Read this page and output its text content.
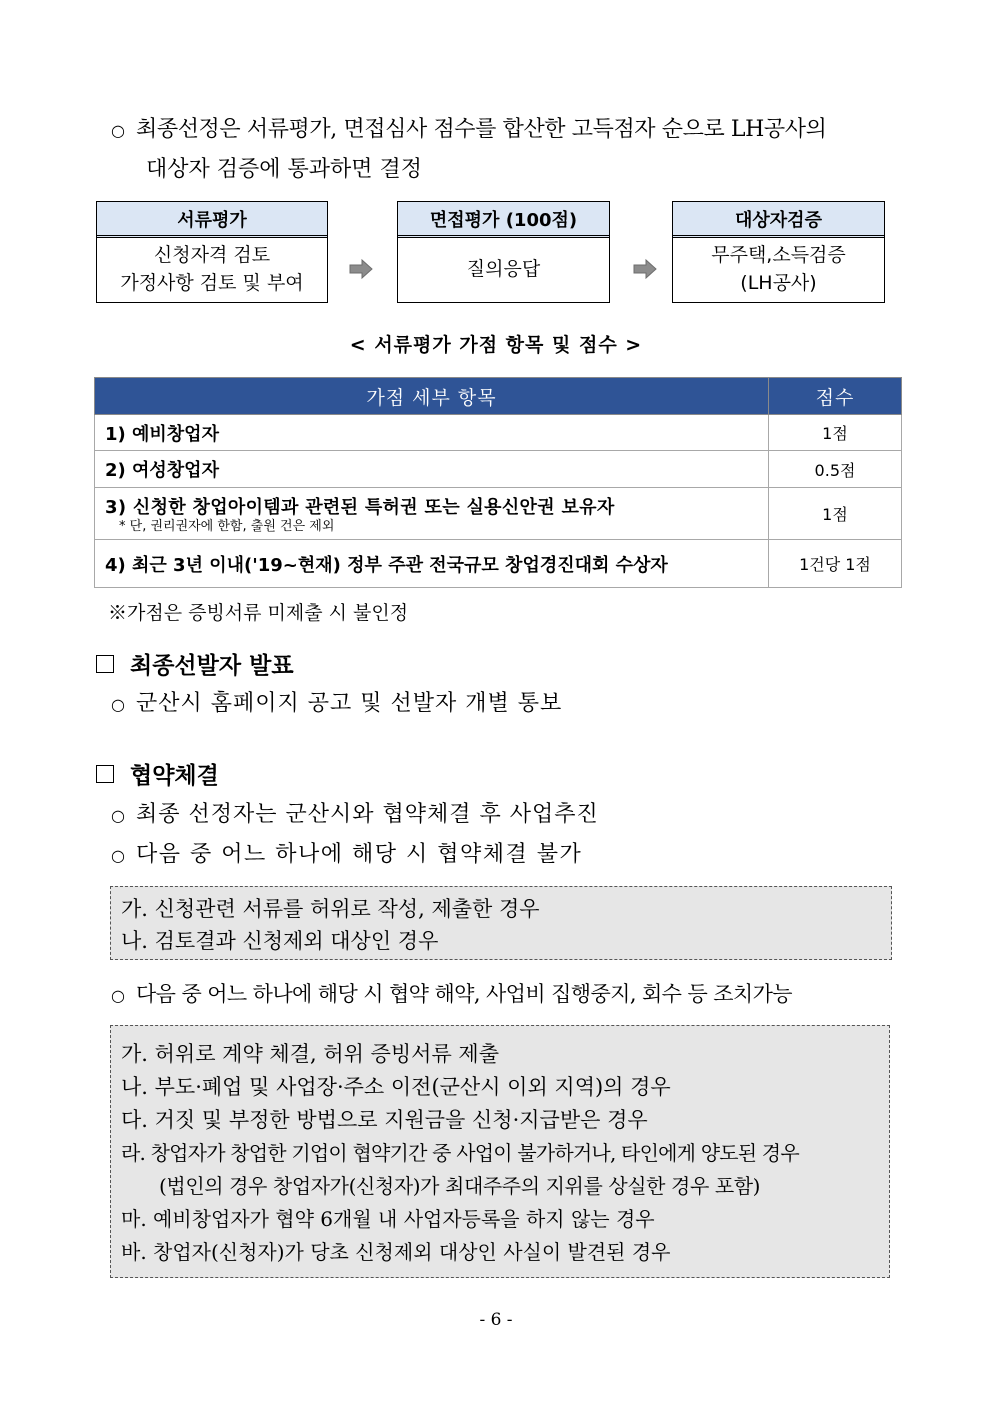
○ 최종선정은 서류평가, 면접심사 점수를 합산한 고득점자 순으로 LH공사의
대상자 검증에 통과하면 결정
서류평가
신청자격 검토
가정사항 검토 및 부여
면접평가 (100점)
질의응답
대상자검증
무주택,소득검증
(LH공사)
< 서류평가 가점 항목 및 점수 >
가점 세부 항목	점수
1) 예비창업자	1점
2) 여성창업자	0.5점
3) 신청한 창업아이템과 관련된 특허권 또는 실용신안권 보유자
* 단, 권리권자에 한함, 출원 건은 제외	1점
4) 최근 3년 이내('19~현재) 정부 주관 전국규모 창업경진대회 수상자	1건당 1점
※가점은 증빙서류 미제출 시 불인정
최종선발자 발표
○ 군산시 홈페이지 공고 및 선발자 개별 통보
협약체결
○ 최종 선정자는 군산시와 협약체결 후 사업추진
○ 다음 중 어느 하나에 해당 시 협약체결 불가
가. 신청관련 서류를 허위로 작성, 제출한 경우
나. 검토결과 신청제외 대상인 경우
○ 다음 중 어느 하나에 해당 시 협약 해약, 사업비 집행중지, 회수 등 조치가능
가. 허위로 계약 체결, 허위 증빙서류 제출
나. 부도·폐업 및 사업장·주소 이전(군산시 이외 지역)의 경우
다. 거짓 및 부정한 방법으로 지원금을 신청·지급받은 경우
라. 창업자가 창업한 기업이 협약기간 중 사업이 불가하거나, 타인에게 양도된 경우
(법인의 경우 창업자가(신청자)가 최대주주의 지위를 상실한 경우 포함)
마. 예비창업자가 협약 6개월 내 사업자등록을 하지 않는 경우
바. 창업자(신청자)가 당초 신청제외 대상인 사실이 발견된 경우
- 6 -
